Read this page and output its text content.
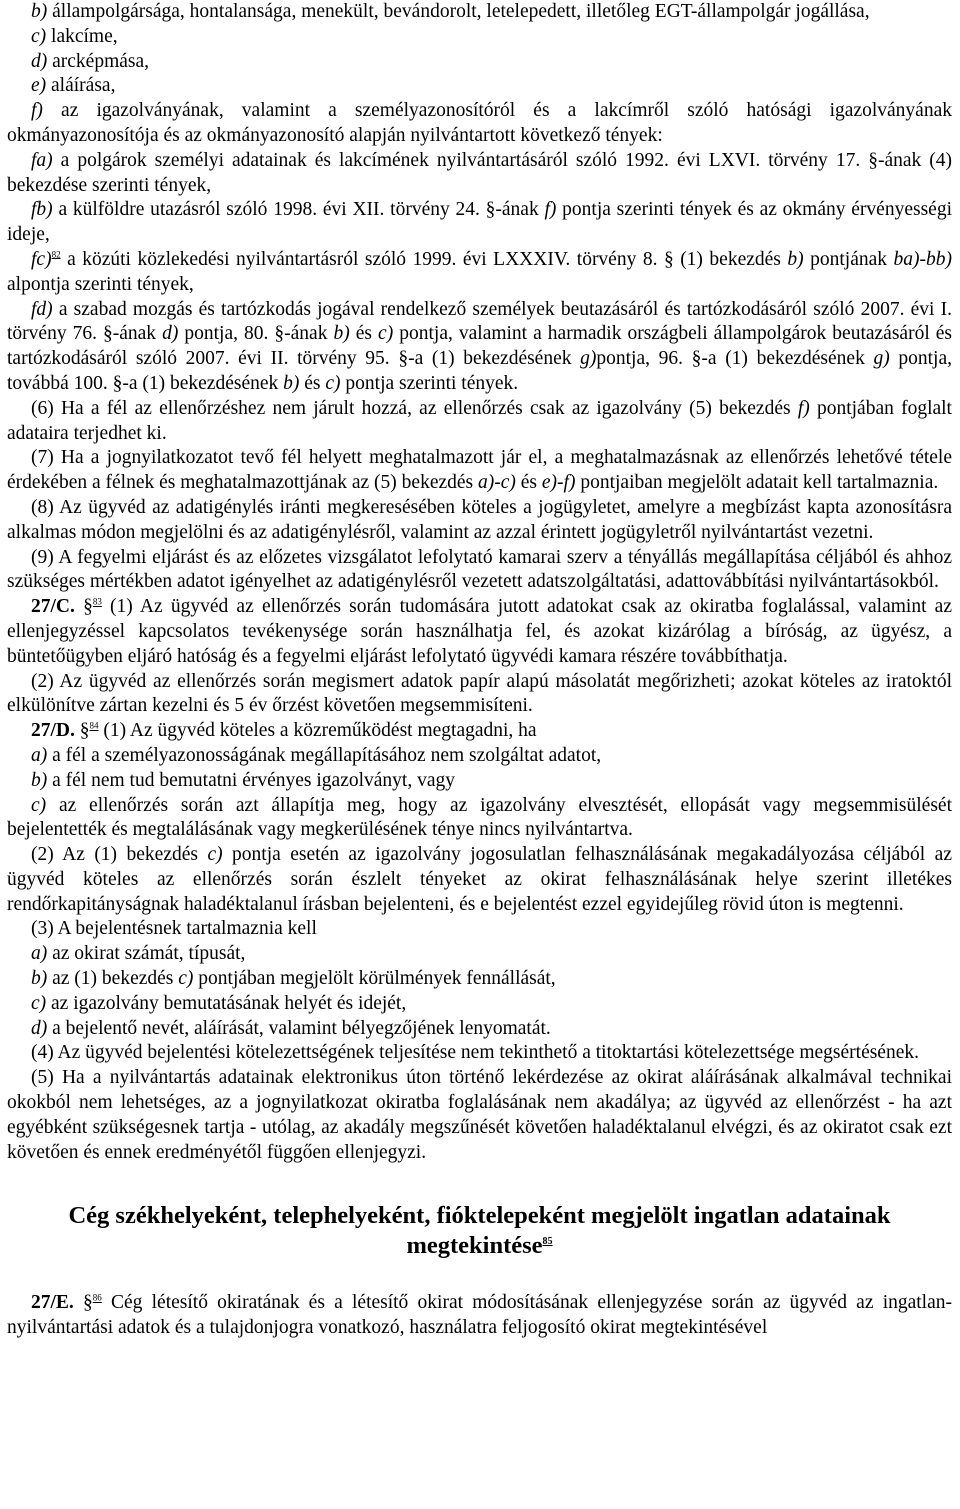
b) állampolgársága, hontalansága, menekült, bevándorolt, letelepedett, illetőleg EGT-állampolgár jogállása,

c) lakcíme,

d) arcképmása,

e) aláírása,

f) az igazolványának, valamint a személyazonosítóról és a lakcímről szóló hatósági igazolványának okmányazonosítója és az okmányazonosító alapján nyilvántartott következő tények:

fa) a polgárok személyi adatainak és lakcímének nyilvántartásáról szóló 1992. évi LXVI. törvény 17. §-ának (4) bekezdése szerinti tények,

fb) a külföldre utazásról szóló 1998. évi XII. törvény 24. §-ának f) pontja szerinti tények és az okmány érvényességi ideje,

fc)$^{82}$ a közúti közlekedési nyilvántartásról szóló 1999. évi LXXXIV. törvény 8. § (1) bekezdés b) pontjának ba)-bb) alpontja szerinti tények,

fd) a szabad mozgás és tartózkodás jogával rendelkező személyek beutazásáról és tartózkodásáról szóló 2007. évi I. törvény 76. §-ának d) pontja, 80. §-ának b) és c) pontja, valamint a harmadik országbeli állampolgárok beutazásáról és tartózkodásáról szóló 2007. évi II. törvény 95. §-a (1) bekezdésének g)pontja, 96. §-a (1) bekezdésének g) pontja, továbbá 100. §-a (1) bekezdésének b) és c) pontja szerinti tények.

(6) Ha a fél az ellenőrzéshez nem járult hozzá, az ellenőrzés csak az igazolvány (5) bekezdés f) pontjában foglalt adataira terjedhet ki.

(7) Ha a jognyilatkozatot tevő fél helyett meghatalmazott jár el, a meghatalmazásnak az ellenőrzés lehetővé tétele érdekében a félnek és meghatalmazottjának az (5) bekezdés a)-c) és e)-f) pontjaiban megjelölt adatait kell tartalmaznia.

(8) Az ügyvéd az adatigénylés iránti megkeresésében köteles a jogügyletet, amelyre a megbízást kapta azonosításra alkalmas módon megjelölni és az adatigénylésről, valamint az azzal érintett jogügyletről nyilvántartást vezetni.

(9) A fegyelmi eljárást és az előzetes vizsgálatot lefolytató kamarai szerv a tényállás megállapítása céljából és ahhoz szükséges mértékben adatot igényelhet az adatigénylésről vezetett adatszolgáltatási, adattovábbítási nyilvántartásokból.

27/C. §$^{83}$ (1) Az ügyvéd az ellenőrzés során tudomására jutott adatokat csak az okiratba foglalással, valamint az ellenjegyzéssel kapcsolatos tevékenysége során használhatja fel, és azokat kizárólag a bíróság, az ügyész, a büntetőügyben eljáró hatóság és a fegyelmi eljárást lefolytató ügyvédi kamara részére továbbíthatja.

(2) Az ügyvéd az ellenőrzés során megismert adatok papír alapú másolatát megőrizheti; azokat köteles az iratoktól elkülönítve zártan kezelni és 5 év őrzést követően megsemmisíteni.

27/D. §$^{84}$ (1) Az ügyvéd köteles a közreműködést megtagadni, ha

a) a fél a személyazonosságának megállapításához nem szolgáltat adatot,

b) a fél nem tud bemutatni érvényes igazolványt, vagy

c) az ellenőrzés során azt állapítja meg, hogy az igazolvány elvesztését, ellopását vagy megsemmisülését bejelentették és megtalálásának vagy megkerülésének ténye nincs nyilvántartva.

(2) Az (1) bekezdés c) pontja esetén az igazolvány jogosulatlan felhasználásának megakadályozása céljából az ügyvéd köteles az ellenőrzés során észlelt tényeket az okirat felhasználásának helye szerint illetékes rendőrkapitányságnak haladéktalanul írásban bejelenteni, és e bejelentést ezzel egyidejűleg rövid úton is megtenni.

(3) A bejelentésnek tartalmaznia kell

a) az okirat számát, típusát,

b) az (1) bekezdés c) pontjában megjelölt körülmények fennállását,

c) az igazolvány bemutatásának helyét és idejét,

d) a bejelentő nevét, aláírását, valamint bélyegzőjének lenyomatát.

(4) Az ügyvéd bejelentési kötelezettségének teljesítése nem tekinthető a titoktartási kötelezettsége megsértésének.

(5) Ha a nyilvántartás adatainak elektronikus úton történő lekérdezése az okirat aláírásának alkalmával technikai okokból nem lehetséges, az a jognyilatkozat okiratba foglalásának nem akadálya; az ügyvéd az ellenőrzést - ha azt egyébként szükségesnek tartja - utólag, az akadály megszűnését követően haladéktalanul elvégzi, és az okiratot csak ezt követően és ennek eredményétől függően ellenjegyzi.

Cég székhelyeként, telephelyeként, fióktelepeként megjelölt ingatlan adatainak megtekintése$^{85}$

27/E. §$^{86}$ Cég létesítő okiratának és a létesítő okirat módosításának ellenjegyzése során az ügyvéd az ingatlan-nyilvántartási adatok és a tulajdonjogra vonatkozó, használatra feljogosító okirat megtekintésével
